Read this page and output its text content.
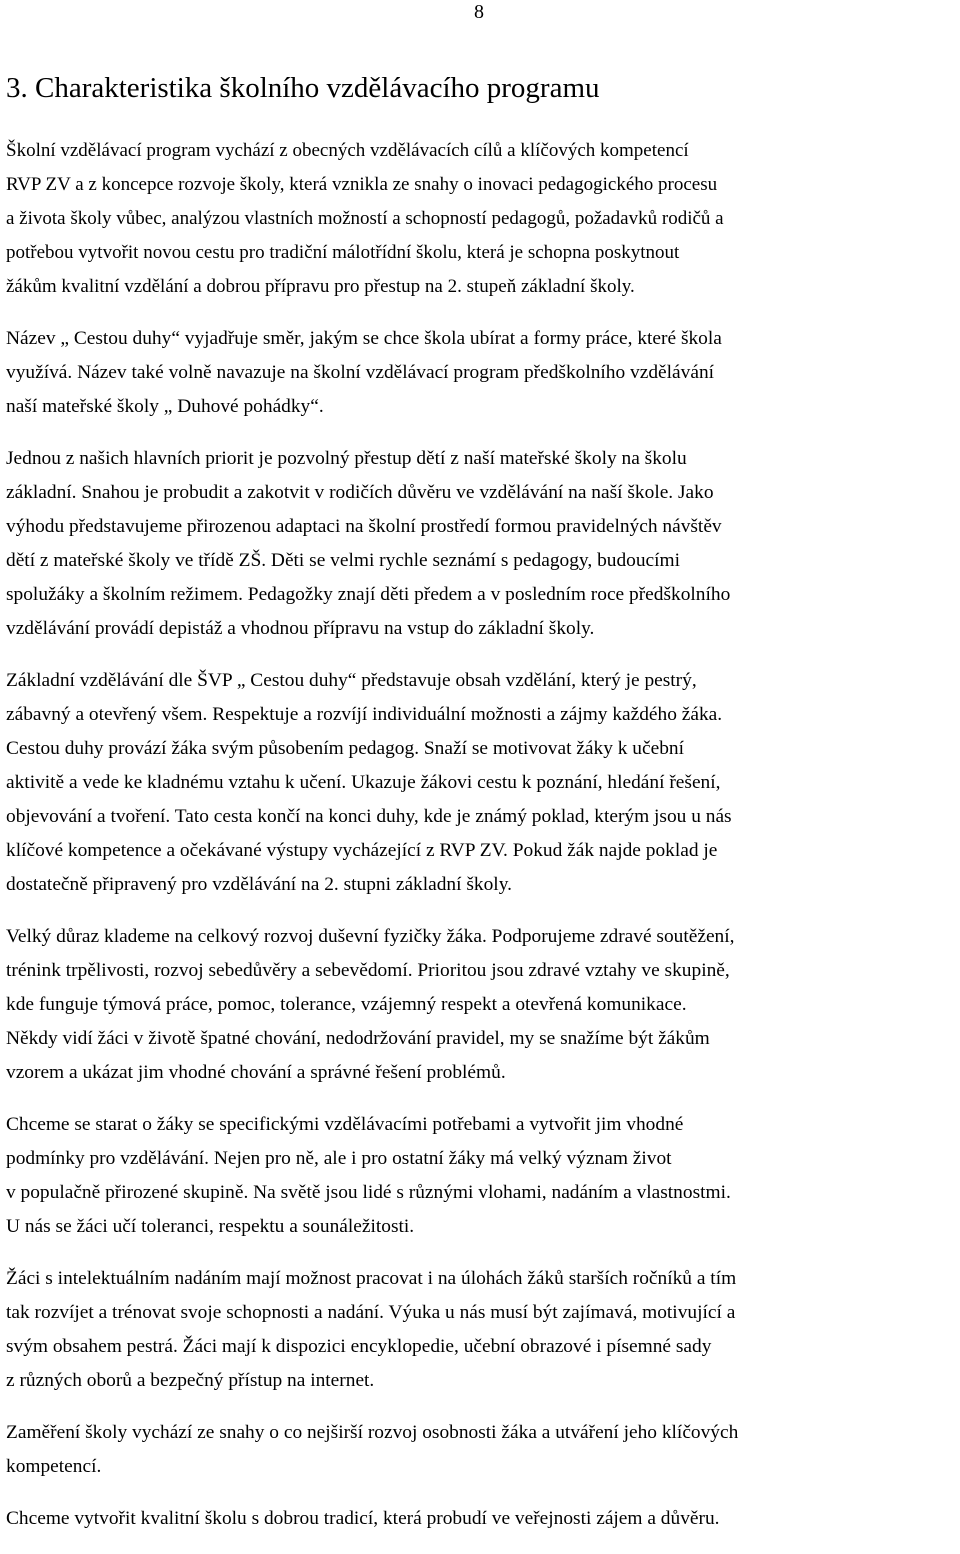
8
3. Charakteristika školního vzdělávacího programu

Školní vzdělávací program vychází z obecných vzdělávacích cílů a klíčových kompetencí
RVP ZV a z koncepce rozvoje školy, která vznikla ze snahy o inovaci pedagogického procesu
a života školy vůbec, analýzou vlastních možností a schopností pedagogů, požadavků rodičů a
potřebou vytvořit novou cestu pro tradiční málotřídní školu, která je schopna poskytnout
žákům kvalitní vzdělání a dobrou přípravu pro přestup na 2. stupeň základní školy.

Název „ Cestou duhy“ vyjadřuje směr, jakým se chce škola ubírat a formy práce, které škola
využívá. Název také volně navazuje na školní vzdělávací program předškolního vzdělávání
naší mateřské školy „ Duhové pohádky“.

Jednou z našich hlavních priorit je pozvolný přestup dětí z naší mateřské školy na školu
základní. Snahou je probudit a zakotvit v rodičích důvěru ve vzdělávání na naší škole. Jako
výhodu představujeme přirozenou adaptaci na školní prostředí formou pravidelných návštěv
dětí z mateřské školy ve třídě ZŠ. Děti se velmi rychle seznámí s pedagogy, budoucími
spolužáky a školním režimem. Pedagožky znají děti předem a v posledním roce předškolního
vzdělávání provádí depistáž a vhodnou přípravu na vstup do základní školy.

Základní vzdělávání dle ŠVP „ Cestou duhy“ představuje obsah vzdělání, který je pestrý,
zábavný a otevřený všem. Respektuje a rozvíjí individuální možnosti a zájmy každého žáka.
Cestou duhy provází žáka svým působením pedagog. Snaží se motivovat žáky k učební
aktivitě a vede ke kladnému vztahu k učení. Ukazuje žákovi cestu k poznání, hledání řešení,
objevování a tvoření. Tato cesta končí na konci duhy, kde je známý poklad, kterým jsou u nás
klíčové kompetence a očekávané výstupy vycházející z RVP ZV. Pokud žák najde poklad je
dostatečně připravený pro vzdělávání na 2. stupni základní školy.

Velký důraz klademe na celkový rozvoj duševní fyzičky žáka. Podporujeme zdravé soutěžení,
trénink trpělivosti, rozvoj sebedůvěry a sebevědomí. Prioritou jsou zdravé vztahy ve skupině,
kde funguje týmová práce, pomoc, tolerance, vzájemný respekt a otevřená komunikace.
Někdy vidí žáci v životě špatné chování, nedodržování pravidel, my se snažíme být žákům
vzorem a ukázat jim vhodné chování a správné řešení problémů.

Chceme se starat o žáky se specifickými vzdělávacími potřebami a vytvořit jim vhodné
podmínky pro vzdělávání. Nejen pro ně, ale i pro ostatní žáky má velký význam život
v populačně přirozené skupině. Na světě jsou lidé s různými vlohami, nadáním a vlastnostmi.
U nás se žáci učí toleranci, respektu a sounáležitosti.

Žáci s intelektuálním nadáním mají možnost pracovat i na úlohách žáků starších ročníků a tím
tak rozvíjet a trénovat svoje schopnosti a nadání. Výuka u nás musí být zajímavá, motivující a
svým obsahem pestrá. Žáci mají k dispozici encyklopedie, učební obrazové i písemné sady
z různých oborů a bezpečný přístup na internet.

Zaměření školy vychází ze snahy o co nejširší rozvoj osobnosti žáka a utváření jeho klíčových
kompetencí.

Chceme vytvořit kvalitní školu s dobrou tradicí, která probudí ve veřejnosti zájem a důvěru.
